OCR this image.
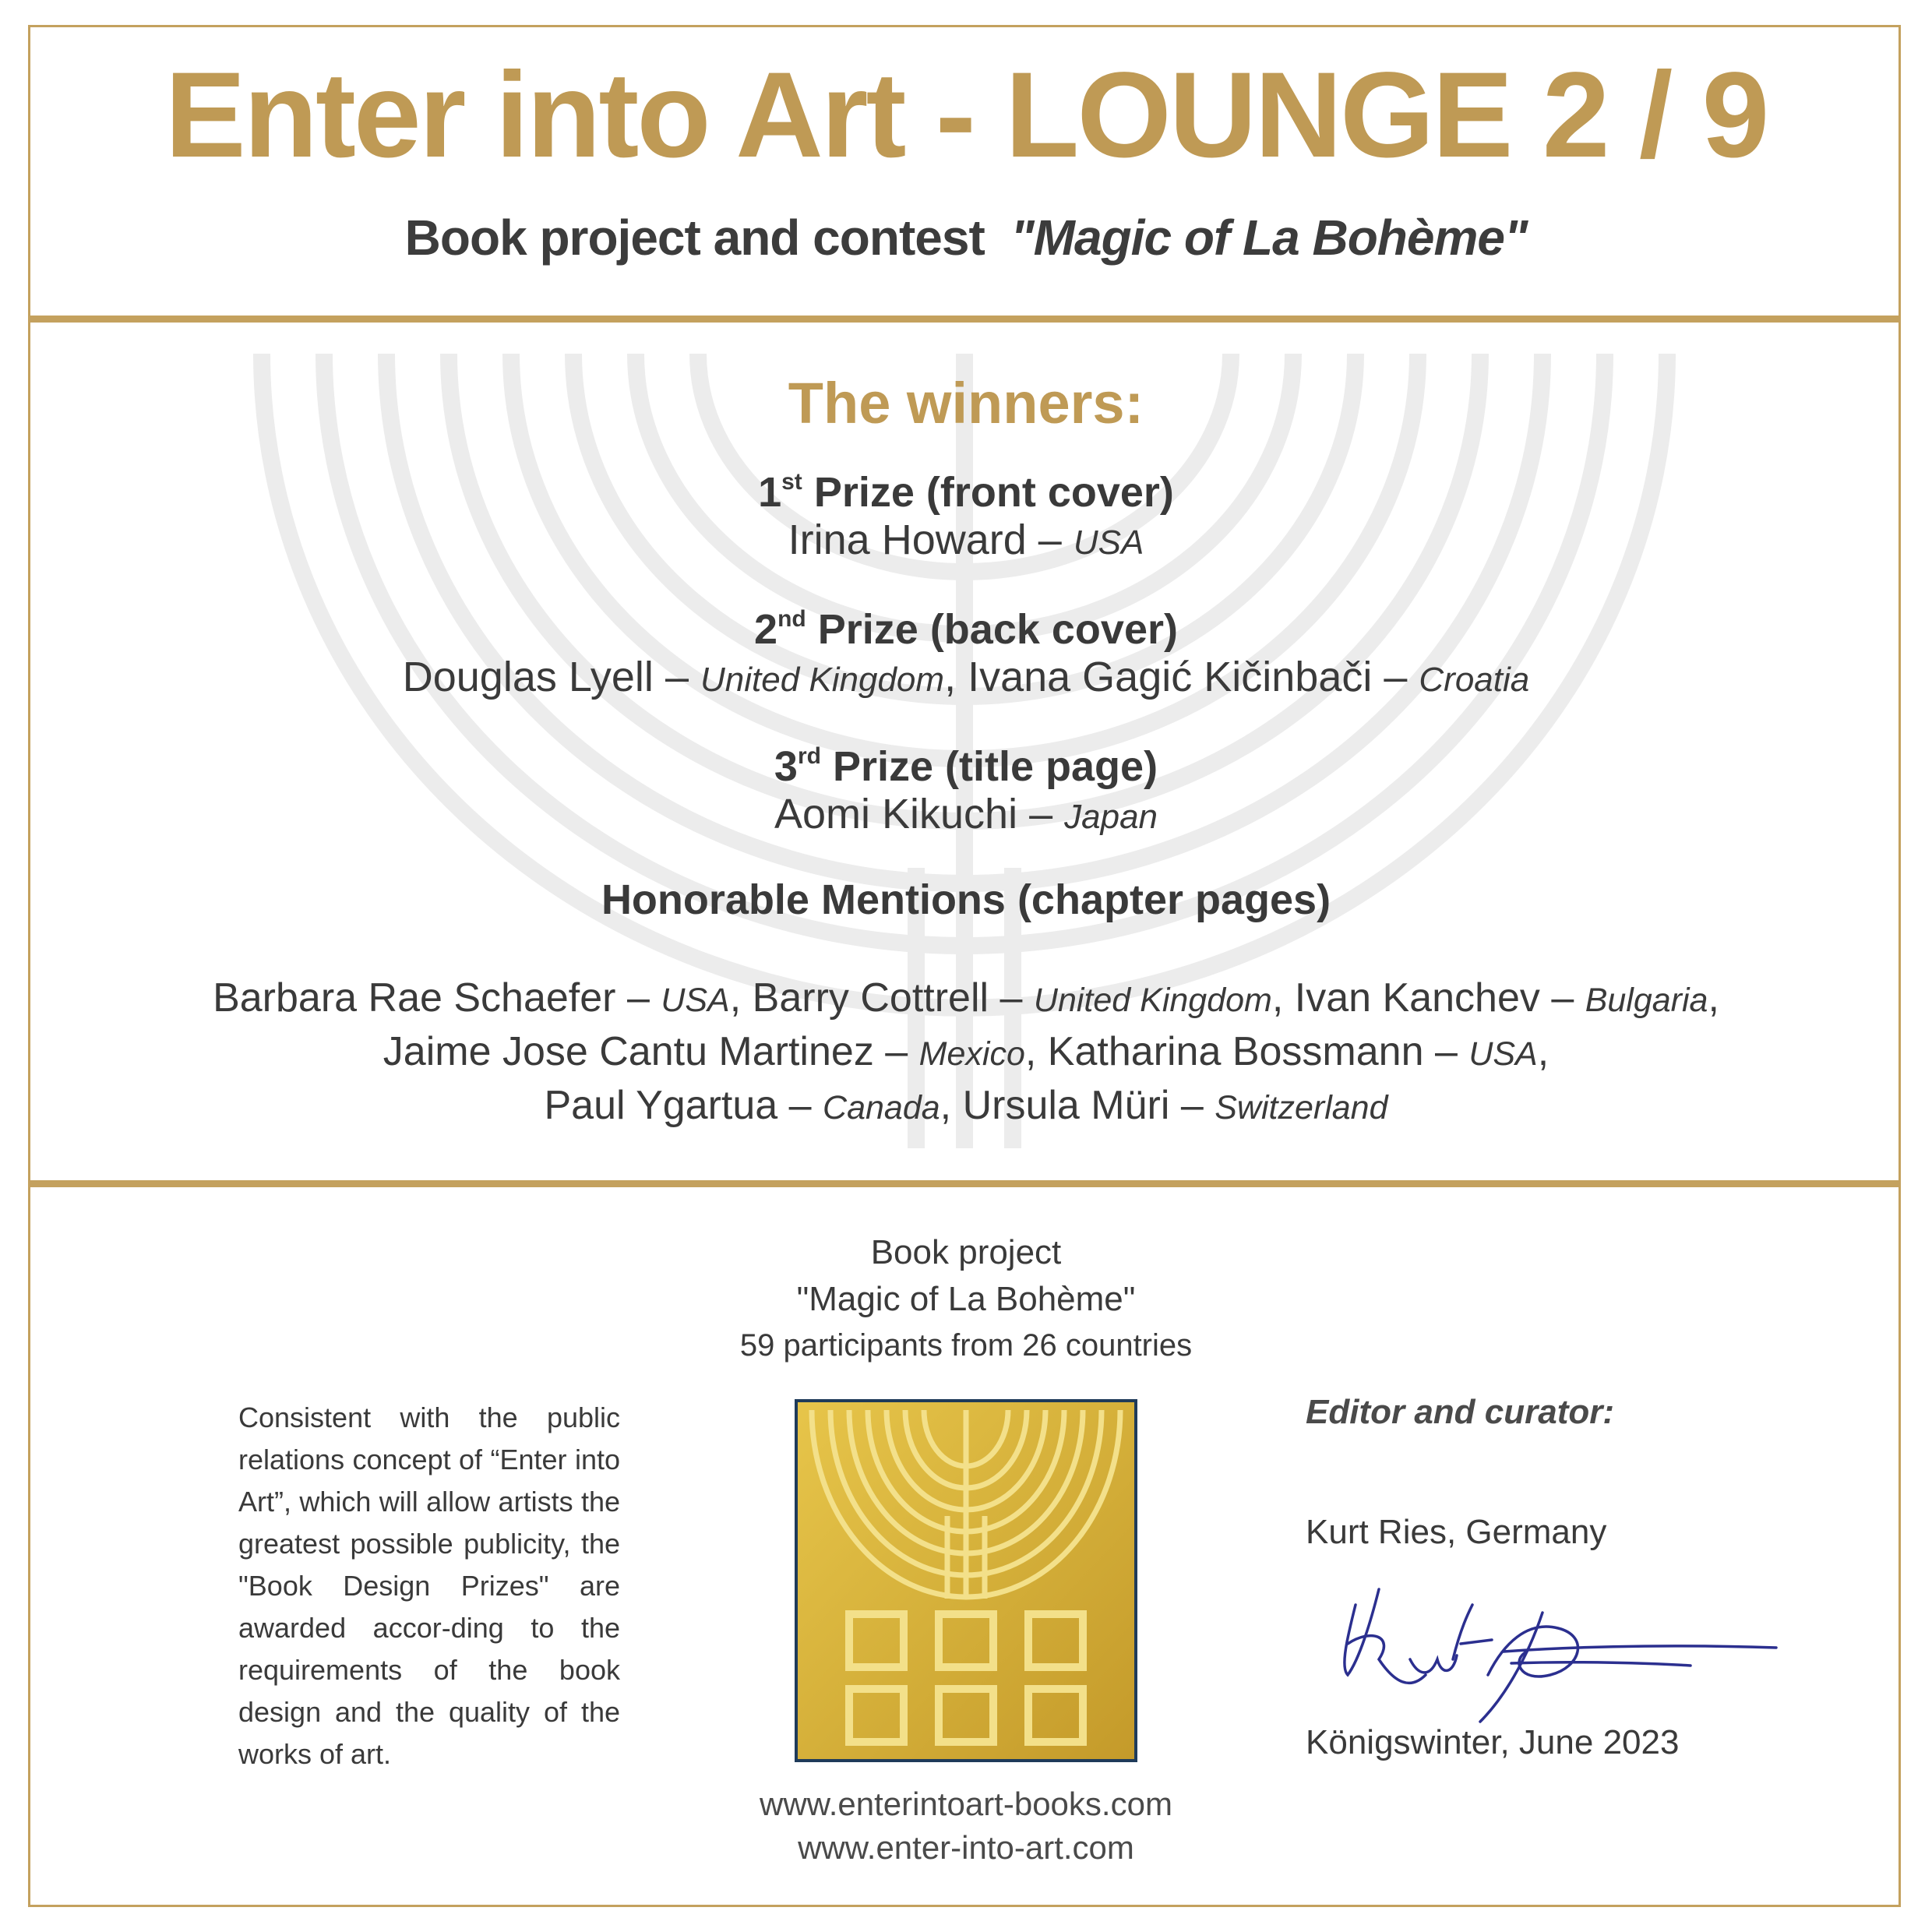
Enter into Art - LOUNGE 2 / 9
Book project and contest "Magic of La Bohème"
The winners:
1st Prize (front cover)
Irina Howard – USA
2nd Prize (back cover)
Douglas Lyell – United Kingdom, Ivana Gagić Kičinbači – Croatia
3rd Prize (title page)
Aomi Kikuchi – Japan
Honorable Mentions (chapter pages)
Barbara Rae Schaefer – USA, Barry Cottrell – United Kingdom, Ivan Kanchev – Bulgaria,
Jaime Jose Cantu Martinez – Mexico, Katharina Bossmann – USA,
Paul Ygartua – Canada, Ursula Müri – Switzerland
Book project
"Magic of La Bohème"
59 participants from 26 countries
Consistent with the public relations concept of “Enter into Art”, which will allow artists the greatest possible publicity, the "Book Design Prizes" are awarded accor-ding to the requirements of the book design and the quality of the works of art.
www.enterintoart-books.com
www.enter-into-art.com
Editor and curator:
Kurt Ries, Germany
Königswinter, June 2023
